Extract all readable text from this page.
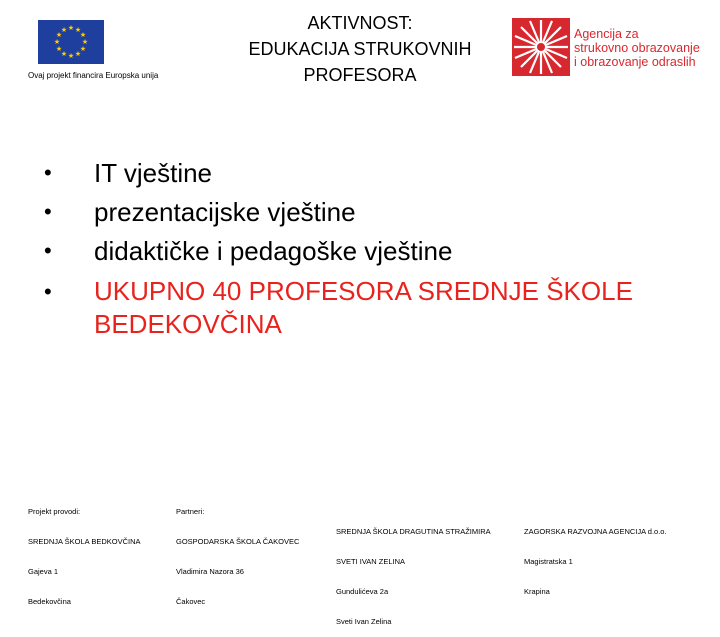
★ ★
★
★
★
★
★
★
★
★
★
★
Ovaj projekt financira Europska unija
AKTIVNOST:
EDUKACIJA STRUKOVNIH
PROFESORA
Agencija za
strukovno obrazovanje
i obrazovanje odraslih
• IT vještine
• prezentacijske vještine
• didaktičke i pedagoške vještine
• UKUPNO 40 PROFESORA SREDNJE ŠKOLE BEDEKOVČINA

Projekt provodi:

SREDNJA ŠKOLA BEDKOVČINA

Gajeva 1

Bedekovčina

Partneri:

GOSPODARSKA ŠKOLA ČAKOVEC

Vladimira Nazora 36

Čakovec

SREDNJA ŠKOLA DRAGUTINA STRAŽIMIRA

SVETI IVAN ZELINA

Gundulićeva 2a

Sveti Ivan Zelina

ZAGORSKA RAZVOJNA AGENCIJA d.o.o.

Magistratska 1

Krapina
